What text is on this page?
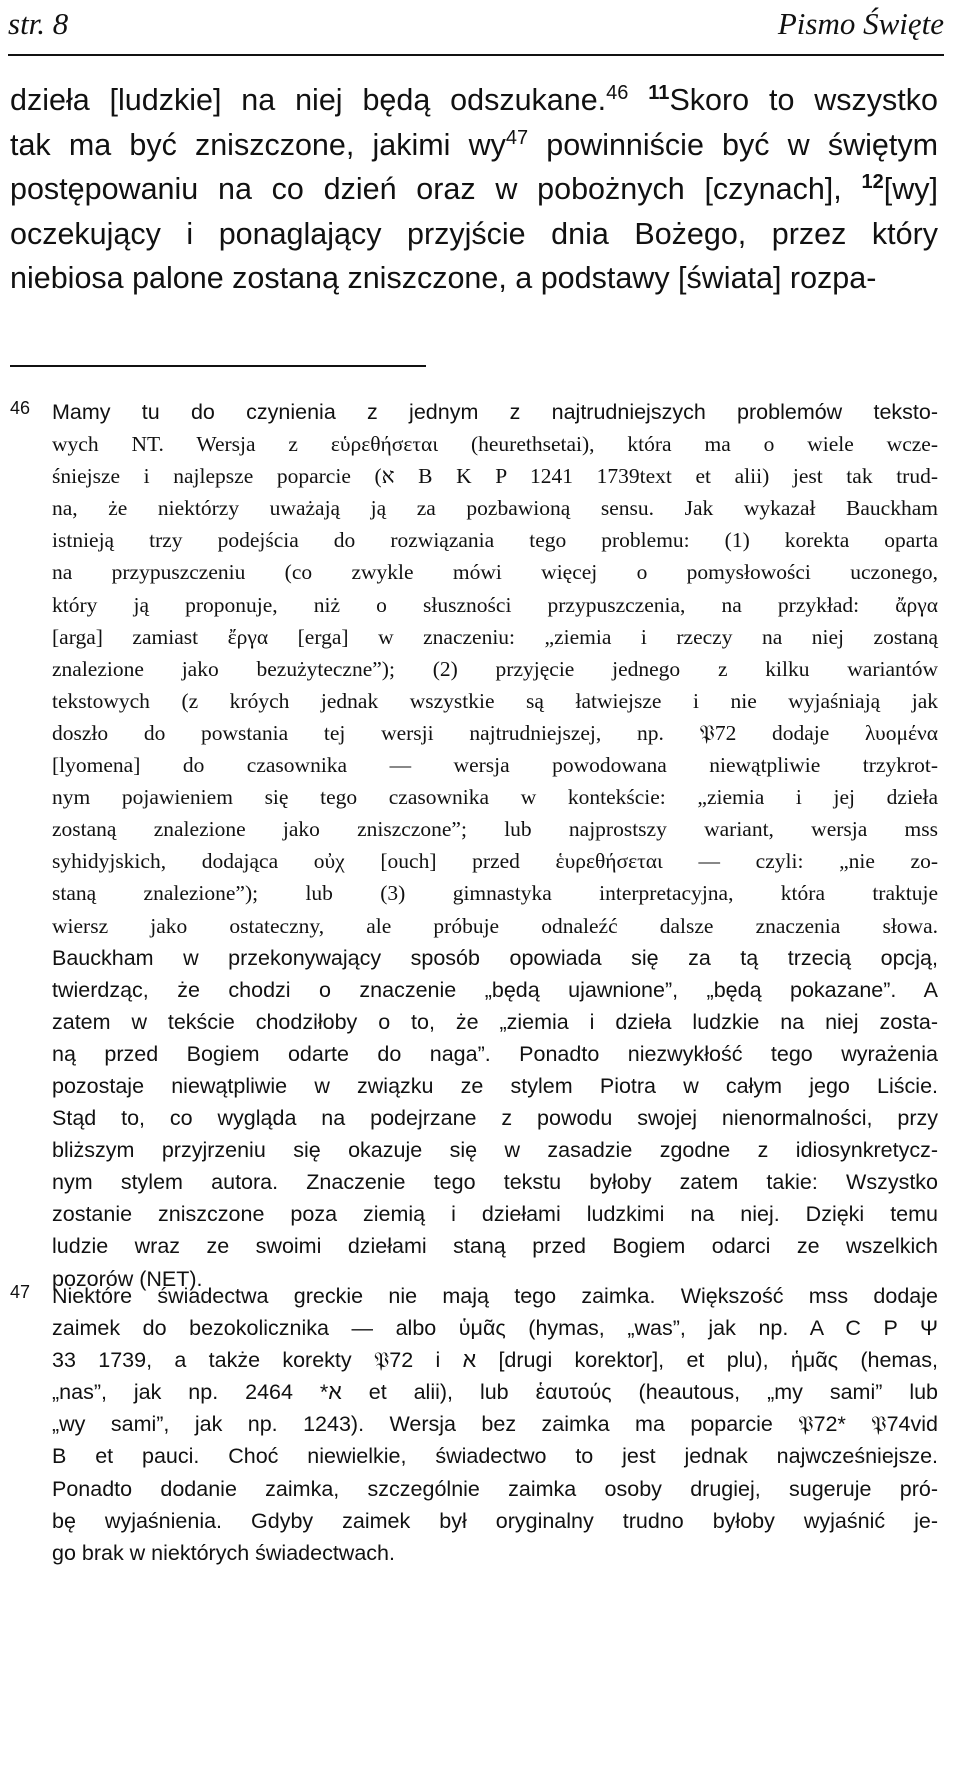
str. 8	Pismo Święte
dzieła [ludzkie] na niej będą odszukane.$^{46}$ $^{11}$Skoro to wszystko
tak ma być zniszczone, jakimi $wy^{47}$ powinniście być w świętym
postępowaniu na co dzień oraz w pobożnych [czynach], $^{12}$[wy]
oczekujący i ponaglający przyjście dnia Bożego, przez który
niebiosa palone zostaną zniszczone, a podstawy [świata] rozpa-
46 Mamy tu do czynienia z jednym z najtrudniejszych problemów teksto-
wych NT. Wersja z εὑρεθήσεται (heurethsetai), która ma o wiele wcze-
śniejsze i najlepsze poparcie (א B K P 1241 1739text et alii) jest tak trud-
na, że niektórzy uważają ją za pozbawioną sensu. Jak wykazał Bauckham
istnieją trzy podejścia do rozwiązania tego problemu: (1) korekta oparta
na przypuszczeniu (co zwykle mówi więcej o pomysłowości uczonego,
który ją proponuje, niż o słuszności przypuszczenia, na przykład: ἄργα
[arga] zamiast ἔργα [erga] w znaczeniu: „ziemia i rzeczy na niej zostaną
znalezione jako bezużyteczne”); (2) przyjęcie jednego z kilku wariantów
tekstowych (z króych jednak wszystkie są łatwiejsze i nie wyjaśniają jak
doszło do powstania tej wersji najtrudniejszej, np. 𝔓72 dodaje λυομένα
[lyomena] do czasownika — wersja powodowana niewątpliwie trzykrot-
nym pojawieniem się tego czasownika w kontekście: „ziemia i jej dzieła
zostaną znalezione jako zniszczone”; lub najprostszy wariant, wersja mss
syhidyjskich, dodająca οὐχ [ouch] przed ἑυρεθήσεται — czyli: „nie zo-
staną znalezione”); lub (3) gimnastyka interpretacyjna, która traktuje
wiersz jako ostateczny, ale próbuje odnaleźć dalsze znaczenia słowa.
Bauckham w przekonywający sposób opowiada się za tą trzecią opcją,
twierdząc, że chodzi o znaczenie „będą ujawnione”, „będą pokazane”. A
zatem w tekście chodziłoby o to, że „ziemia i dzieła ludzkie na niej zosta-
ną przed Bogiem odarte do naga”. Ponadto niezwykłość tego wyrażenia
pozostaje niewątpliwie w związku ze stylem Piotra w całym jego Liście.
Stąd to, co wygląda na podejrzane z powodu swojej nienormalności, przy
bliższym przyjrzeniu się okazuje się w zasadzie zgodne z idiosynkretycz-
nym stylem autora. Znaczenie tego tekstu byłoby zatem takie: Wszystko
zostanie zniszczone poza ziemią i dziełami ludzkimi na niej. Dzięki temu
ludzie wraz ze swoimi dziełami staną przed Bogiem odarci ze wszelkich
pozorów (NET).
47 Niektóre świadectwa greckie nie mają tego zaimka. Większość mss dodaje
zaimek do bezokolicznika — albo ὑμᾶς (hymas, „was”, jak np. A C P Ψ
33 1739, a także korekty 𝔓72 i א [drugi korektor], et plu), ἡμᾶς (hemas,
„nas”, jak np. א* 2464 et alii), lub ἑαυτούς (heautous, „my sami” lub
„wy sami”, jak np. 1243). Wersja bez zaimka ma poparcie 𝔓72* 𝔓74vid
B et pauci. Choć niewielkie, świadectwo to jest jednak najwcześniejsze.
Ponadto dodanie zaimka, szczególnie zaimka osoby drugiej, sugeruje pró-
bę wyjaśnienia. Gdyby zaimek był oryginalny trudno byłoby wyjaśnić je-
go brak w niektórych świadectwach.
